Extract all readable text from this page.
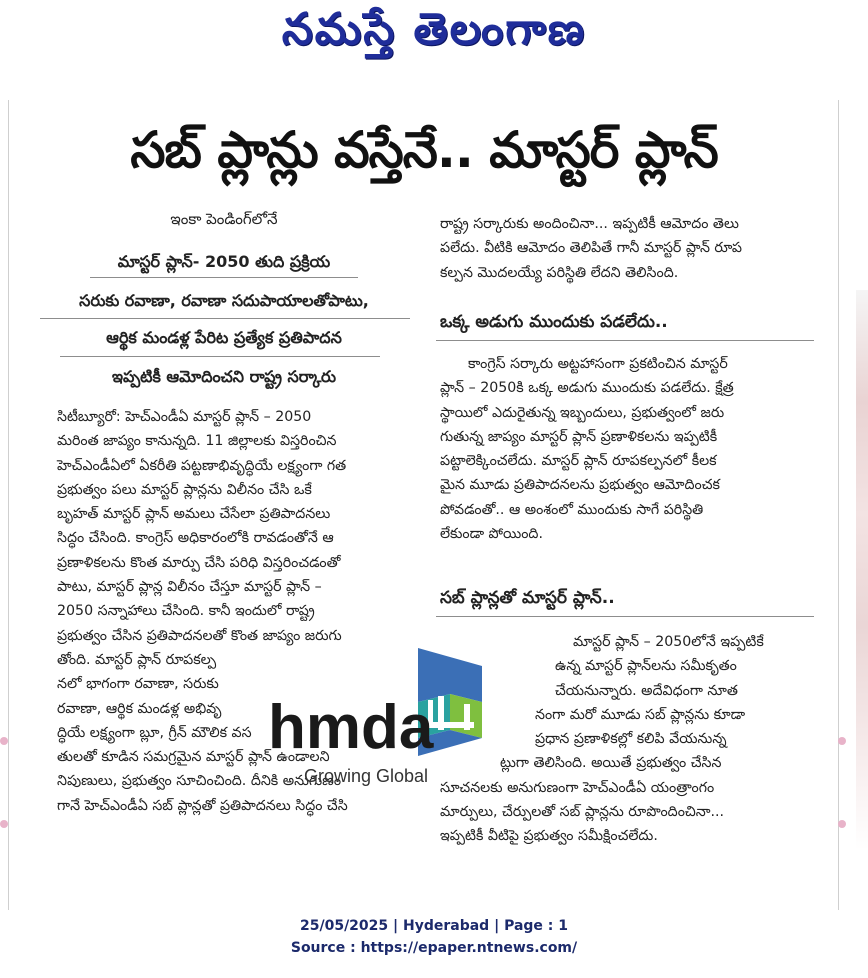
నమస్తే తెలంగాణ
సబ్ ప్లాన్లు వస్తేనే.. మాస్టర్ ప్లాన్
ఇంకా పెండింగ్‌లోనే
మాస్టర్ ప్లాన్- 2050 తుది ప్రక్రియ
సరుకు రవాణా, రవాణా సదుపాయాలతోపాటు,
ఆర్థిక మండళ్ల పేరిట ప్రత్యేక ప్రతిపాదన
ఇప్పటికీ ఆమోదించని రాష్ట్ర సర్కారు

సిటీబ్యూరో: హెచ్ఎండీఏ మాస్టర్ ప్లాన్ – 2050

మరింత జాప్యం కానున్నది. 11 జిల్లాలకు విస్తరించిన

హెచ్ఎండీఏలో ఏకరీతి పట్టణాభివృద్ధియే లక్ష్యంగా గత

ప్రభుత్వం పలు మాస్టర్ ప్లాన్లను విలీనం చేసి ఒకే

బృహత్ మాస్టర్ ప్లాన్ అమలు చేసేలా ప్రతిపాదనలు

సిద్ధం చేసింది. కాంగ్రెస్ అధికారంలోకి రావడంతోనే ఆ

ప్రణాళికలను కొంత మార్పు చేసి పరిధి విస్తరించడంతో

పాటు, మాస్టర్ ప్లాన్ల విలీనం చేస్తూ మాస్టర్ ప్లాన్ –

2050 సన్నాహాలు చేసింది. కానీ ఇందులో రాష్ట్ర

ప్రభుత్వం చేసిన ప్రతిపాదనలతో కొంత జాప్యం జరుగు

తోంది. మాస్టర్ ప్లాన్ రూపకల్ప

నలో భాగంగా రవాణా, సరుకు

రవాణా, ఆర్థిక మండళ్ల అభివృ

ద్ధియే లక్ష్యంగా బ్లూ, గ్రీన్ మౌలిక వస

తులతో కూడిన సమగ్రమైన మాస్టర్ ప్లాన్ ఉండాలని

నిపుణులు, ప్రభుత్వం సూచించింది. దీనికి అనుగుణం

గానే హెచ్ఎండీఏ సబ్ ప్లాన్లతో ప్రతిపాదనలు సిద్ధం చేసి

రాష్ట్ర సర్కారుకు అందించినా... ఇప్పటికీ ఆమోదం తెలు

పలేదు. వీటికి ఆమోదం తెలిపితే గానీ మాస్టర్ ప్లాన్ రూప

కల్పన మొదలయ్యే పరిస్థితి లేదని తెలిసింది.

ఒక్క అడుగు ముందుకు పడలేదు..

కాంగ్రెస్ సర్కారు అట్టహాసంగా ప్రకటించిన మాస్టర్

ప్లాన్ – 2050కి ఒక్క అడుగు ముందుకు పడలేదు. క్షేత్ర

స్థాయిలో ఎదురైతున్న ఇబ్బందులు, ప్రభుత్వంలో జరు

గుతున్న జాప్యం మాస్టర్ ప్లాన్ ప్రణాళికలను ఇప్పటికీ

పట్టాలెక్కించలేదు. మాస్టర్ ప్లాన్ రూపకల్పనలో కీలక

మైన మూడు ప్రతిపాదనలను ప్రభుత్వం ఆమోదించక

పోవడంతో.. ఆ అంశంలో ముందుకు సాగే పరిస్థితి

లేకుండా పోయింది.

సబ్ ప్లాన్లతో మాస్టర్ ప్లాన్..

మాస్టర్ ప్లాన్ – 2050లోనే ఇప్పటికే

ఉన్న మాస్టర్ ప్లాన్‌లను సమీకృతం

చేయనున్నారు. అదేవిధంగా నూత

నంగా మరో మూడు సబ్ ప్లాన్లను కూడా

ప్రధాన ప్రణాళికల్లో కలిపి వేయనున్న

ట్లుగా తెలిసింది. అయితే ప్రభుత్వం చేసిన

సూచనలకు అనుగుణంగా హెచ్ఎండీఏ యంత్రాంగం

మార్పులు, చేర్పులతో సబ్ ప్లాన్లను రూపొందించినా...

ఇప్పటికీ వీటిపై ప్రభుత్వం సమీక్షించలేదు.

hmda
Growing Global
25/05/2025 | Hyderabad | Page : 1
Source : https://epaper.ntnews.com/
